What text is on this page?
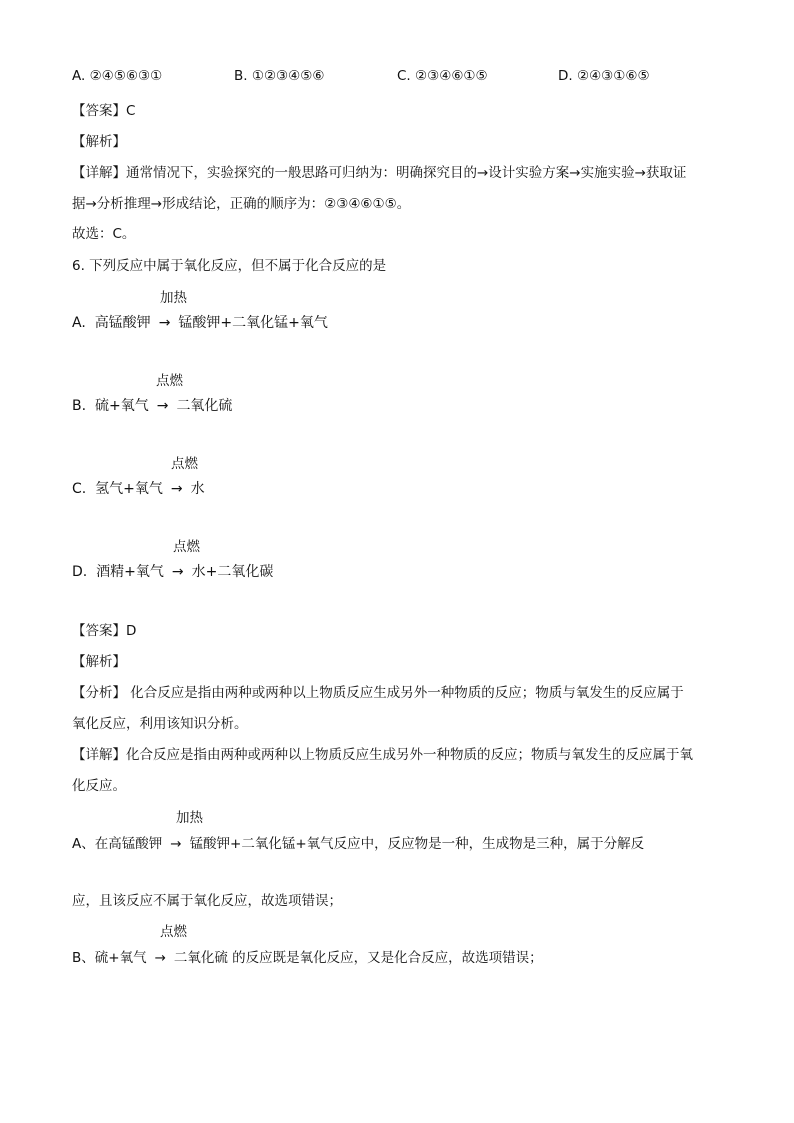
A. ②④⑤⑥③①	B. ①②③④⑤⑥	C. ②③④⑥①⑤	D. ②④③①⑥⑤
【答案】C
【解析】
【详解】通常情况下，实验探究的一般思路可归纳为：明确探究目的→设计实验方案→实施实验→获取证
据→分析推理→形成结论，正确的顺序为：②③④⑥①⑤。
故选：C。
6. 下列反应中属于氧化反应，但不属于化合反应的是
加热
A. 高锰酸钾 → 锰酸钾+二氧化锰+氧气
点燃
B. 硫+氧气 → 二氧化硫
点燃
C. 氢气+氧气 → 水
点燃
D. 酒精+氧气 → 水+二氧化碳
【答案】D
【解析】
【分析】 化合反应是指由两种或两种以上物质反应生成另外一种物质的反应；物质与氧发生的反应属于
氧化反应，利用该知识分析。
【详解】化合反应是指由两种或两种以上物质反应生成另外一种物质的反应；物质与氧发生的反应属于氧
化反应。
加热
A、在高锰酸钾 → 锰酸钾+二氧化锰+氧气反应中，反应物是一种，生成物是三种，属于分解反
应，且该反应不属于氧化反应，故选项错误；
点燃
B、硫+氧气 → 二氧化硫 的反应既是氧化反应，又是化合反应，故选项错误；
